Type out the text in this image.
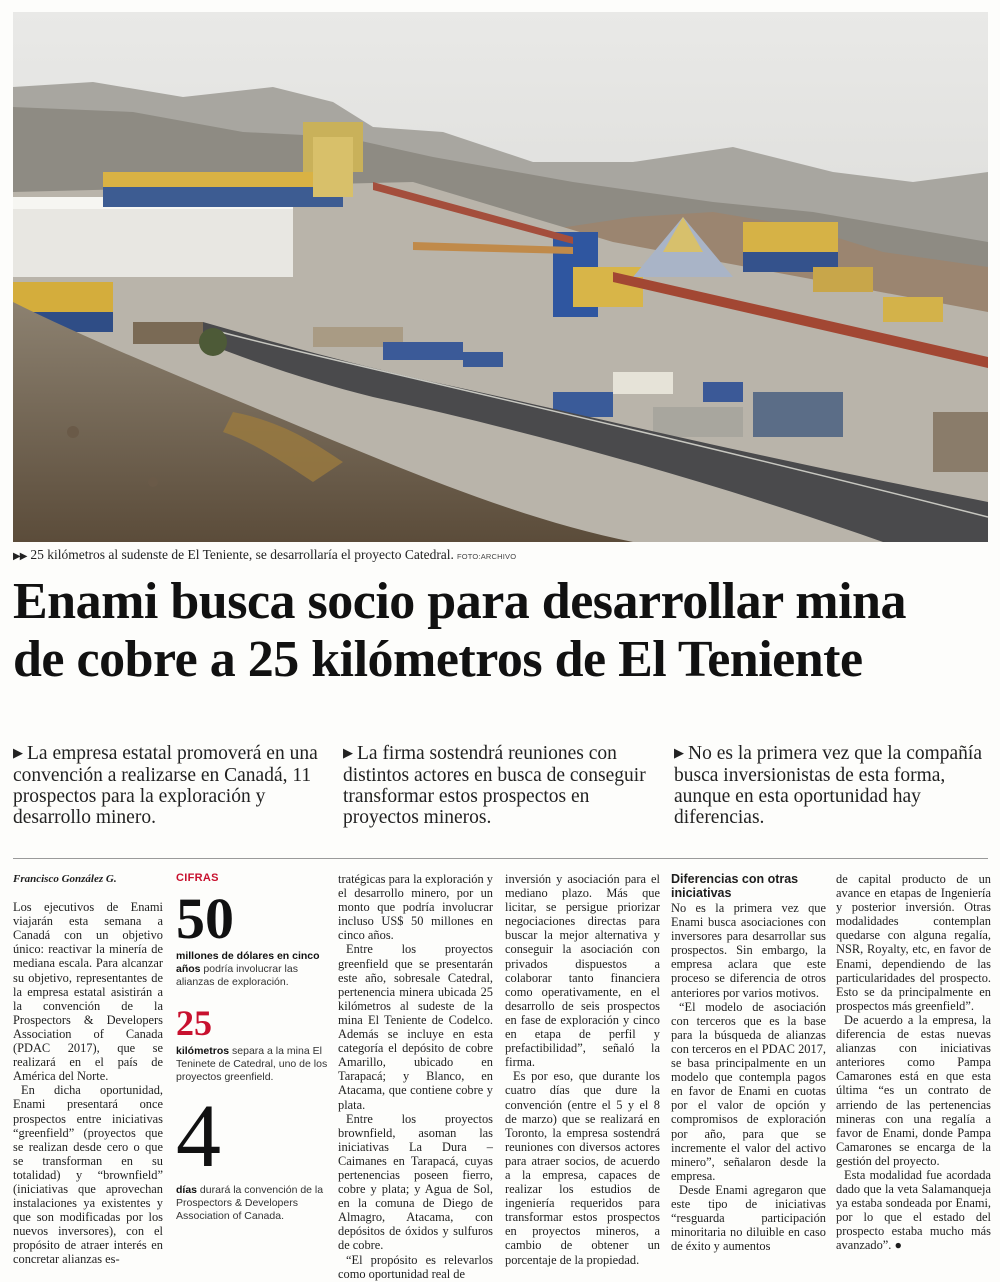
▶▶ 25 kilómetros al sudenste de El Teniente, se desarrollaría el proyecto Catedral. FOTO:ARCHIVO
Enami busca socio para desarrollar mina
de cobre a 25 kilómetros de El Teniente
▶ La empresa estatal promoverá en una convención a realizarse en Canadá, 11 prospectos para la exploración y desarrollo minero.
▶ La firma sostendrá reuniones con distintos actores en busca de conseguir transformar estos prospectos en proyectos mineros.
▶ No es la primera vez que la compañía busca inversionistas de esta forma, aunque en esta oportunidad hay diferencias.

Francisco González G.

Los ejecutivos de Enami viajarán esta semana a Canadá con un objetivo único: reactivar la minería de mediana escala. Para alcanzar su objetivo, representantes de la empresa estatal asistirán a la convención de la Prospectors & Developers Association of Canada (PDAC 2017), que se realizará en el país de América del Norte.

En dicha oportunidad, Enami presentará once prospectos entre iniciativas “greenfield” (proyectos que se realizan desde cero o que se transforman en su totalidad) y “brownfield” (iniciativas que aprovechan instalaciones ya existentes y que son modificadas por los nuevos inversores), con el propósito de atraer interés en concretar alianzas es-

CIFRAS
50
millones de dólares en cinco años podría involucrar las alianzas de exploración.
25
kilómetros separa a la mina El Teninete de Catedral, uno de los proyectos greenfield.
4
días durará la convención de la Prospectors & Developers Association of Canada.

tratégicas para la exploración y el desarrollo minero, por un monto que podría involucrar incluso US$ 50 millones en cinco años.

Entre los proyectos greenfield que se presentarán este año, sobresale Catedral, pertenencia minera ubicada 25 kilómetros al sudeste de la mina El Teniente de Codelco. Además se incluye en esta categoría el depósito de cobre Amarillo, ubicado en Tarapacá; y Blanco, en Atacama, que contiene cobre y plata.

Entre los proyectos brownfield, asoman las iniciativas La Dura – Caimanes en Tarapacá, cuyas pertenencias poseen fierro, cobre y plata; y Agua de Sol, en la comuna de Diego de Almagro, Atacama, con depósitos de óxidos y sulfuros de cobre.

“El propósito es relevarlos como oportunidad real de

inversión y asociación para el mediano plazo. Más que licitar, se persigue priorizar negociaciones directas para buscar la mejor alternativa y conseguir la asociación con privados dispuestos a colaborar tanto financiera como operativamente, en el desarrollo de seis prospectos en fase de exploración y cinco en etapa de perfil y prefactibilidad”, señaló la firma.

Es por eso, que durante los cuatro días que dure la convención (entre el 5 y el 8 de marzo) que se realizará en Toronto, la empresa sostendrá reuniones con diversos actores para atraer socios, de acuerdo a la empresa, capaces de realizar los estudios de ingeniería requeridos para transformar estos prospectos en proyectos mineros, a cambio de obtener un porcentaje de la propiedad.

Diferencias con otras iniciativas

No es la primera vez que Enami busca asociaciones con inversores para desarrollar sus prospectos. Sin embargo, la empresa aclara que este proceso se diferencia de otros anteriores por varios motivos.

“El modelo de asociación con terceros que es la base para la búsqueda de alianzas con terceros en el PDAC 2017, se basa principalmente en un modelo que contempla pagos en favor de Enami en cuotas por el valor de opción y compromisos de exploración por año, para que se incremente el valor del activo minero”, señalaron desde la empresa.

Desde Enami agregaron que este tipo de iniciativas “resguarda participación minoritaria no diluible en caso de éxito y aumentos

de capital producto de un avance en etapas de Ingeniería y posterior inversión. Otras modalidades contemplan quedarse con alguna regalía, NSR, Royalty, etc, en favor de Enami, dependiendo de las particularidades del prospecto. Esto se da principalmente en prospectos más greenfield”.

De acuerdo a la empresa, la diferencia de estas nuevas alianzas con iniciativas anteriores como Pampa Camarones está en que esta última “es un contrato de arriendo de las pertenencias mineras con una regalía a favor de Enami, donde Pampa Camarones se encarga de la gestión del proyecto.

Esta modalidad fue acordada dado que la veta Salamanqueja ya estaba sondeada por Enami, por lo que el estado del prospecto estaba mucho más avanzado”. ●
